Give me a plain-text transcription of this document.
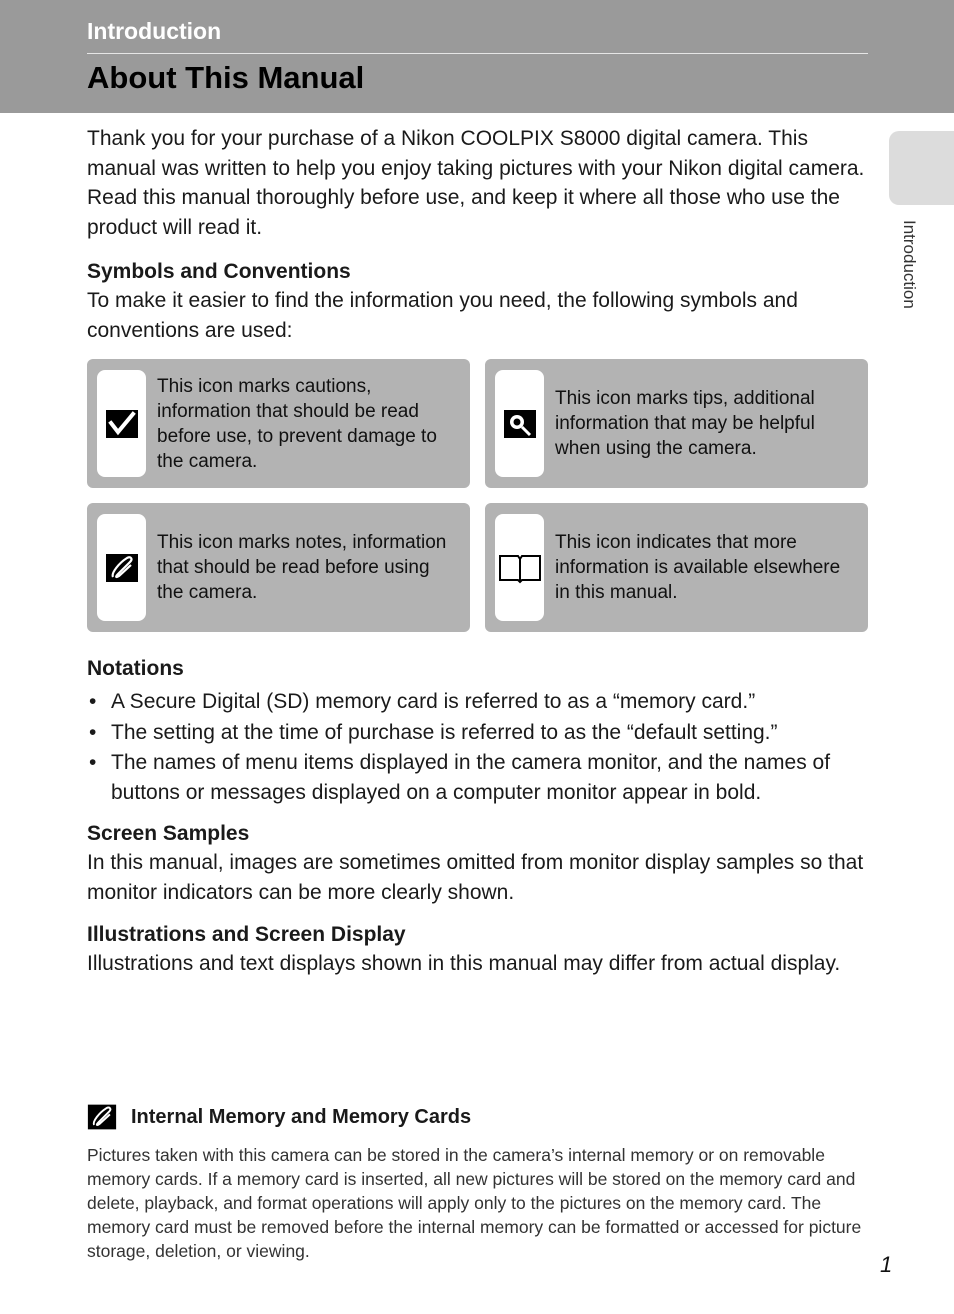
Introduction
About This Manual
Introduction

Thank you for your purchase of a Nikon COOLPIX S8000 digital camera. This manual was written to help you enjoy taking pictures with your Nikon digital camera. Read this manual thoroughly before use, and keep it where all those who use the product will read it.

Symbols and Conventions

To make it easier to find the information you need, the following symbols and conventions are used:

This icon marks cautions, information that should be read before use, to prevent damage to the camera.
This icon marks tips, additional information that may be helpful when using the camera.
This icon marks notes, information that should be read before using the camera.
This icon indicates that more information is available elsewhere in this manual.
Notations
• A Secure Digital (SD) memory card is referred to as a “memory card.”
• The setting at the time of purchase is referred to as the “default setting.”
• The names of menu items displayed in the camera monitor, and the names of buttons or messages displayed on a computer monitor appear in bold.
Screen Samples

In this manual, images are sometimes omitted from monitor display samples so that monitor indicators can be more clearly shown.

Illustrations and Screen Display

Illustrations and text displays shown in this manual may differ from actual display.

Internal Memory and Memory Cards

Pictures taken with this camera can be stored in the camera’s internal memory or on removable memory cards. If a memory card is inserted, all new pictures will be stored on the memory card and delete, playback, and format operations will apply only to the pictures on the memory card. The memory card must be removed before the internal memory can be formatted or accessed for picture storage, deletion, or viewing.

1
